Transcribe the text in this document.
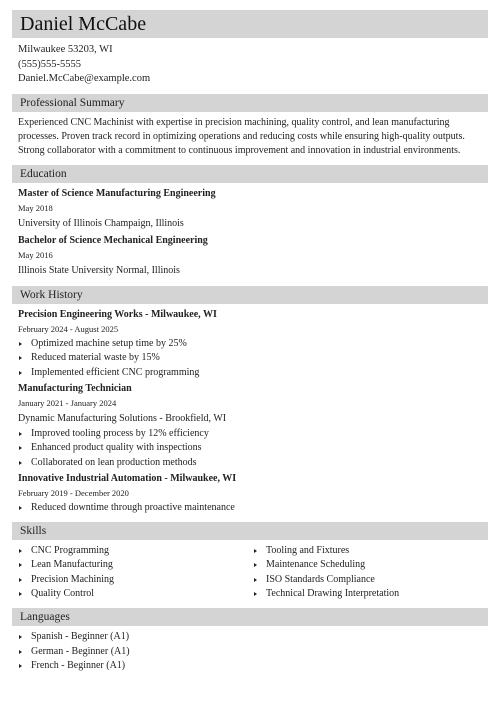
Daniel McCabe
Milwaukee 53203, WI
(555)555-5555
Daniel.McCabe@example.com
Professional Summary
Experienced CNC Machinist with expertise in precision machining, quality control, and lean manufacturing processes. Proven track record in optimizing operations and reducing costs while ensuring high-quality outputs. Strong collaborator with a commitment to continuous improvement and innovation in industrial environments.
Education
Master of Science Manufacturing Engineering
May 2018
University of Illinois Champaign, Illinois
Bachelor of Science Mechanical Engineering
May 2016
Illinois State University Normal, Illinois
Work History
Precision Engineering Works - Milwaukee, WI
February 2024 - August 2025
Optimized machine setup time by 25%
Reduced material waste by 15%
Implemented efficient CNC programming
Manufacturing Technician
January 2021 - January 2024
Dynamic Manufacturing Solutions - Brookfield, WI
Improved tooling process by 12% efficiency
Enhanced product quality with inspections
Collaborated on lean production methods
Innovative Industrial Automation - Milwaukee, WI
February 2019 - December 2020
Reduced downtime through proactive maintenance
Skills
CNC Programming
Lean Manufacturing
Precision Machining
Quality Control
Tooling and Fixtures
Maintenance Scheduling
ISO Standards Compliance
Technical Drawing Interpretation
Languages
Spanish - Beginner (A1)
German - Beginner (A1)
French - Beginner (A1)
